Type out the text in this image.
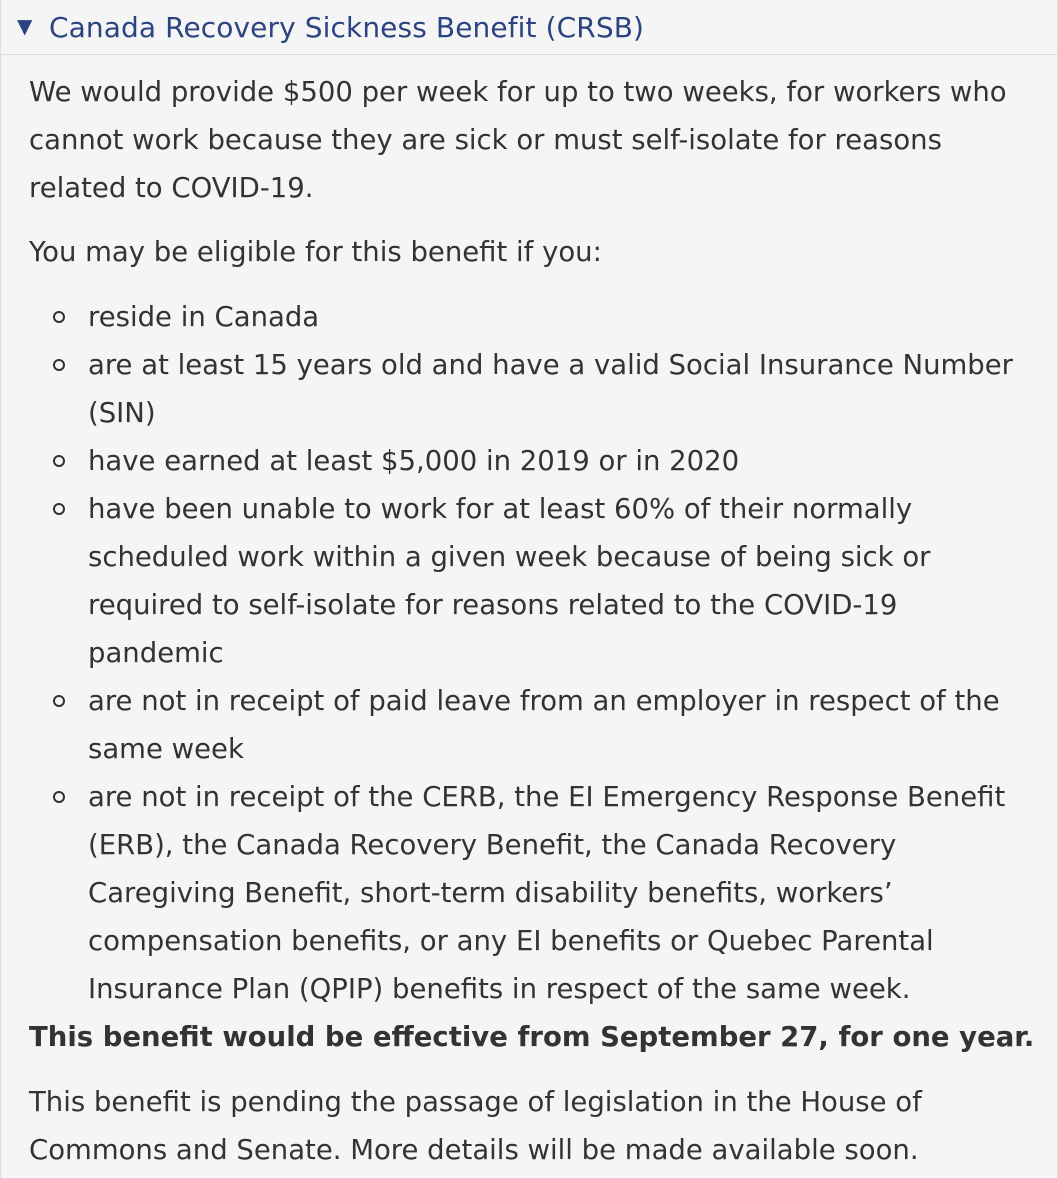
▼ Canada Recovery Sickness Benefit (CRSB)

We would provide $500 per week for up to two weeks, for workers who cannot work because they are sick or must self-isolate for reasons related to COVID-19.

You may be eligible for this benefit if you:

reside in Canada
are at least 15 years old and have a valid Social Insurance Number (SIN)
have earned at least $5,000 in 2019 or in 2020
have been unable to work for at least 60% of their normally scheduled work within a given week because of being sick or required to self-isolate for reasons related to the COVID-19 pandemic
are not in receipt of paid leave from an employer in respect of the same week
are not in receipt of the CERB, the EI Emergency Response Benefit (ERB), the Canada Recovery Benefit, the Canada Recovery Caregiving Benefit, short-term disability benefits, workers’ compensation benefits, or any EI benefits or Quebec Parental Insurance Plan (QPIP) benefits in respect of the same week.

This benefit would be effective from September 27, for one year.

This benefit is pending the passage of legislation in the House of Commons and Senate. More details will be made available soon.
